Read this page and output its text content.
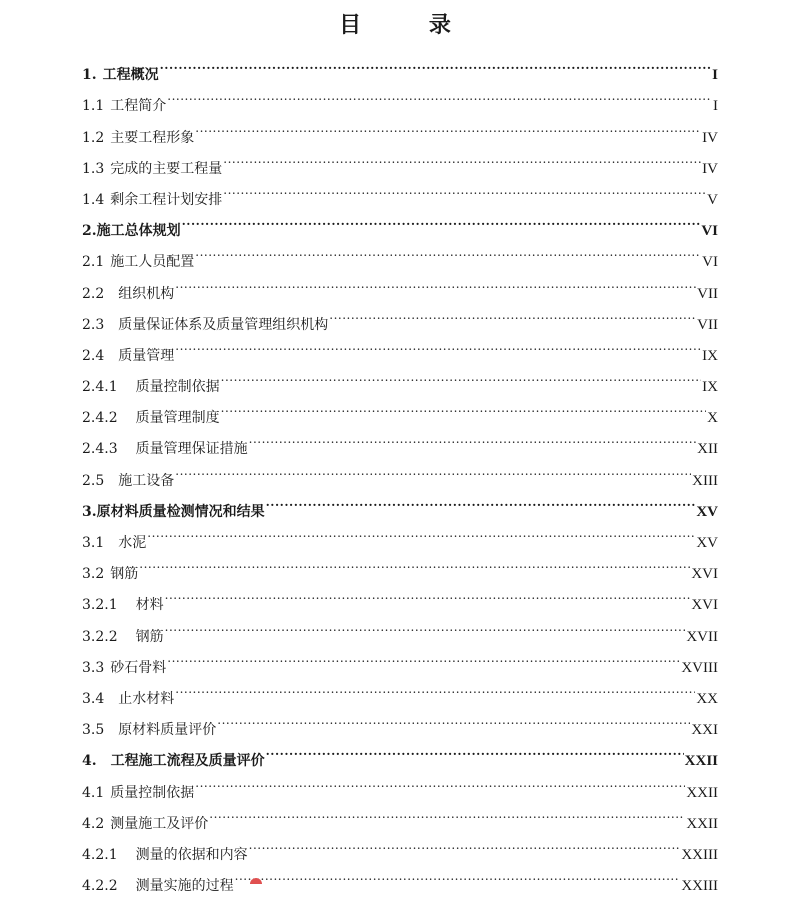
目 录
1. 工程概况 .....	I
1.1 工程简介 .....	I
1.2 主要工程形象 .....	IV
1.3 完成的主要工程量 .....	IV
1.4 剩余工程计划安排 .....	V
2. 施工总体规划 .....	VI
2.1 施工人员配置 .....	VI
2.2 组织机构 .....	VII
2.3 质量保证体系及质量管理组织机构 .....	VII
2.4 质量管理 .....	IX
2.4.1 质量控制依据 .....	IX
2.4.2 质量管理制度 .....	X
2.4.3 质量管理保证措施 .....	XII
2.5 施工设备 .....	XIII
3. 原材料质量检测情况和结果 .....	XV
3.1 水泥 .....	XV
3.2 钢筋 .....	XVI
3.2.1 材料 .....	XVI
3.2.2 钢筋 .....	XVII
3.3 砂石骨料 .....	XVIII
3.4 止水材料 .....	XX
3.5 原材料质量评价 .....	XXI
4. 工程施工流程及质量评价 .....	XXII
4.1 质量控制依据 .....	XXII
4.2 测量施工及评价 .....	XXII
4.2.1 测量的依据和内容 .....	XXIII
4.2.2 测量实施的过程 .....	XXIII
